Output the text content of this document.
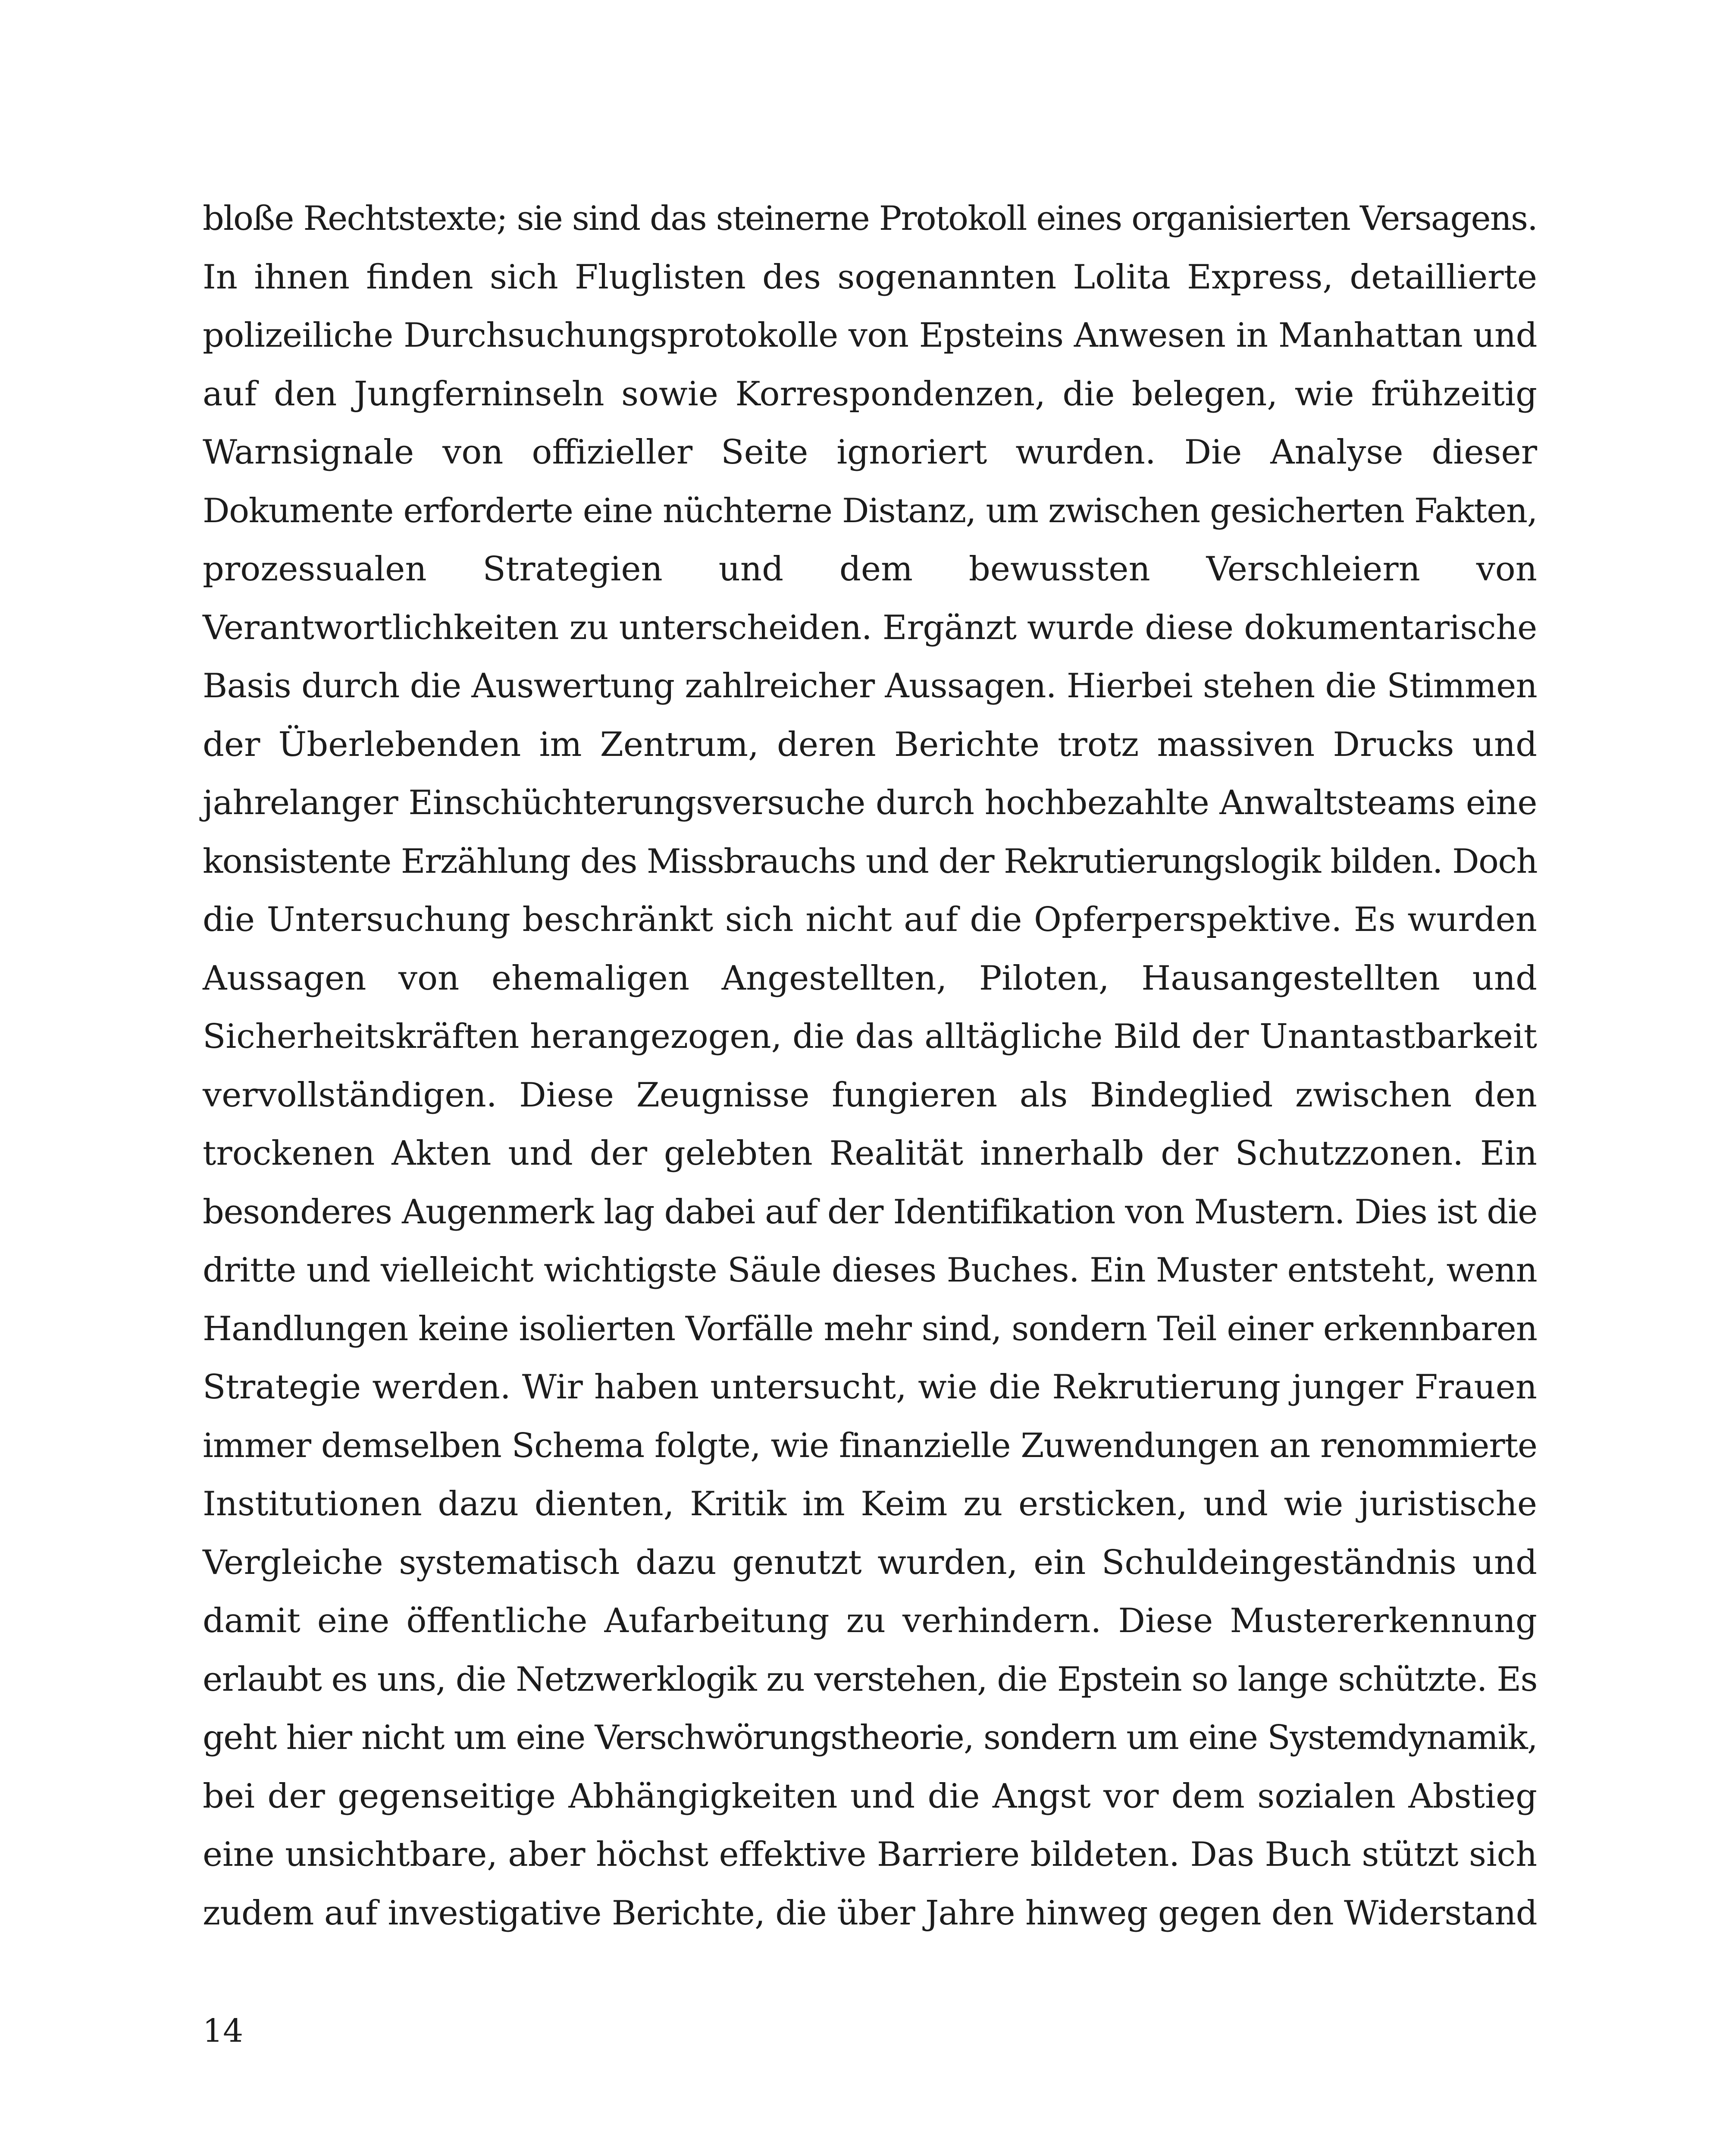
bloße Rechtstexte; sie sind das steinerne Protokoll eines organisierten Versagens.
In ihnen finden sich Fluglisten des sogenannten Lolita Express, detaillierte
polizeiliche Durchsuchungsprotokolle von Epsteins Anwesen in Manhattan und
auf den Jungferninseln sowie Korrespondenzen, die belegen, wie frühzeitig
Warnsignale von offizieller Seite ignoriert wurden. Die Analyse dieser
Dokumente erforderte eine nüchterne Distanz, um zwischen gesicherten Fakten,
prozessualen Strategien und dem bewussten Verschleiern von
Verantwortlichkeiten zu unterscheiden. Ergänzt wurde diese dokumentarische
Basis durch die Auswertung zahlreicher Aussagen. Hierbei stehen die Stimmen
der Überlebenden im Zentrum, deren Berichte trotz massiven Drucks und
jahrelanger Einschüchterungsversuche durch hochbezahlte Anwaltsteams eine
konsistente Erzählung des Missbrauchs und der Rekrutierungslogik bilden. Doch
die Untersuchung beschränkt sich nicht auf die Opferperspektive. Es wurden
Aussagen von ehemaligen Angestellten, Piloten, Hausangestellten und
Sicherheitskräften herangezogen, die das alltägliche Bild der Unantastbarkeit
vervollständigen. Diese Zeugnisse fungieren als Bindeglied zwischen den
trockenen Akten und der gelebten Realität innerhalb der Schutzzonen. Ein
besonderes Augenmerk lag dabei auf der Identifikation von Mustern. Dies ist die
dritte und vielleicht wichtigste Säule dieses Buches. Ein Muster entsteht, wenn
Handlungen keine isolierten Vorfälle mehr sind, sondern Teil einer erkennbaren
Strategie werden. Wir haben untersucht, wie die Rekrutierung junger Frauen
immer demselben Schema folgte, wie finanzielle Zuwendungen an renommierte
Institutionen dazu dienten, Kritik im Keim zu ersticken, und wie juristische
Vergleiche systematisch dazu genutzt wurden, ein Schuldeingeständnis und
damit eine öffentliche Aufarbeitung zu verhindern. Diese Mustererkennung
erlaubt es uns, die Netzwerklogik zu verstehen, die Epstein so lange schützte. Es
geht hier nicht um eine Verschwörungstheorie, sondern um eine Systemdynamik,
bei der gegenseitige Abhängigkeiten und die Angst vor dem sozialen Abstieg
eine unsichtbare, aber höchst effektive Barriere bildeten. Das Buch stützt sich
zudem auf investigative Berichte, die über Jahre hinweg gegen den Widerstand
14
